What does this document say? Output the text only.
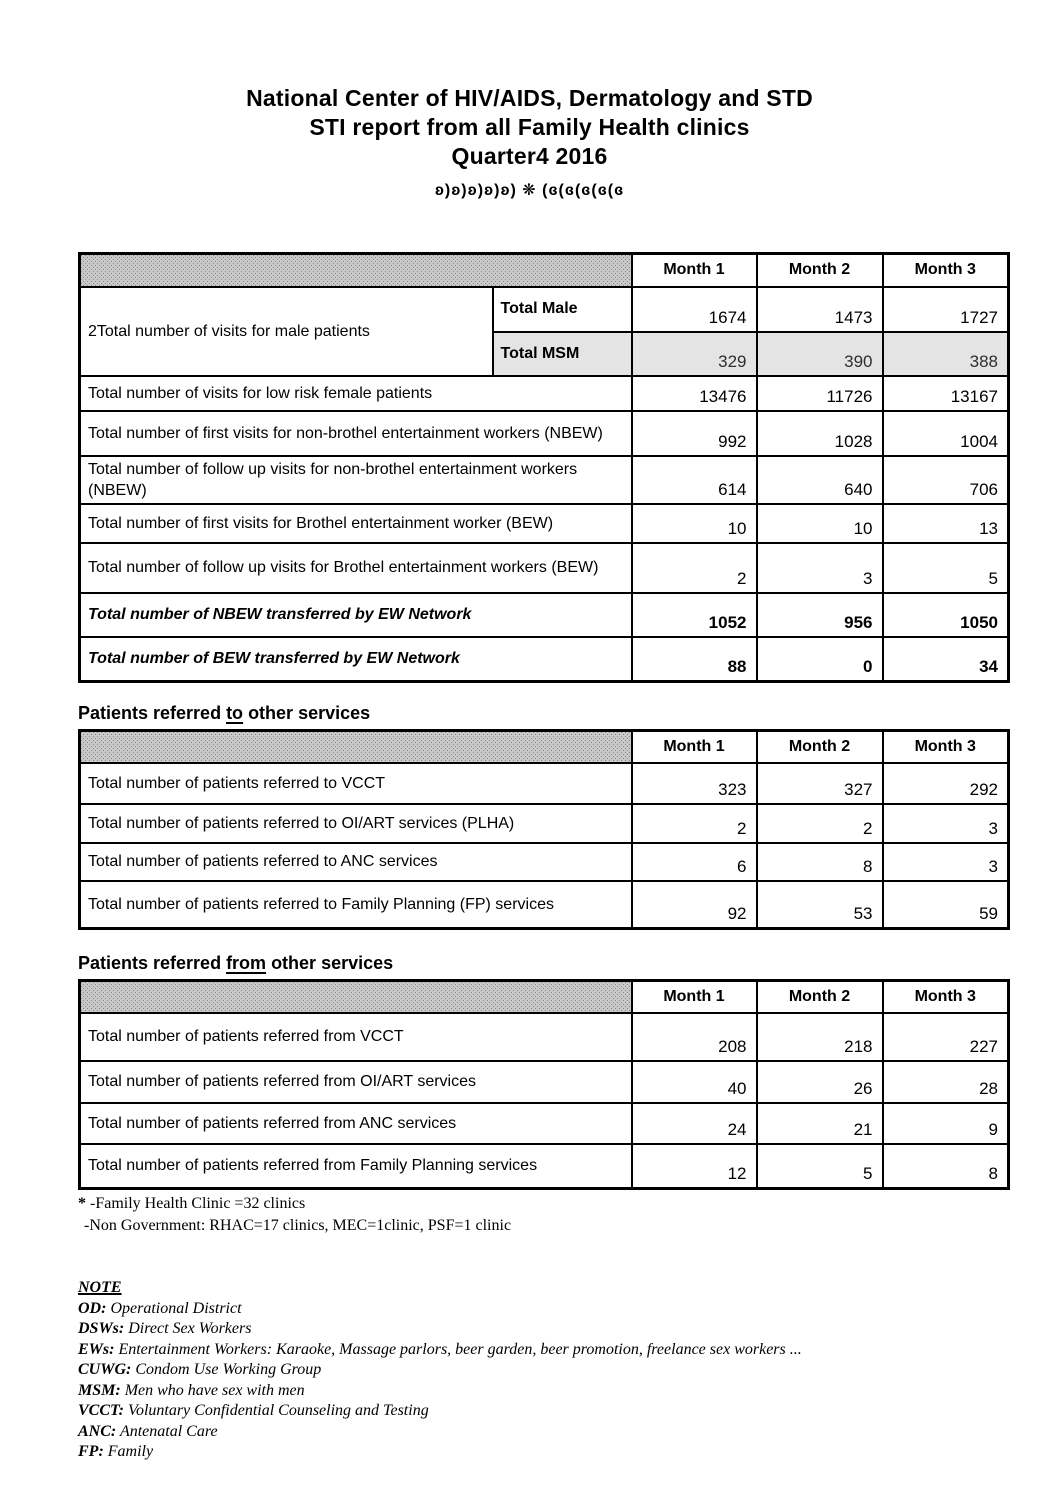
National Center of HIV/AIDS, Dermatology and STD
STI report from all Family Health clinics
Quarter4 2016
ʚ)ʚ)ʚ)ʚ)ʚ) ❋ (ɞ(ɞ(ɞ(ɞ(ɞ
		Month 1	Month 2	Month 3
2Total number of visits for male patients	Total Male	1674	1473	1727
	Total MSM	329	390	388
Total number of visits for low risk female patients		13476	11726	13167
Total number of first visits for non-brothel entertainment workers (NBEW)		992	1028	1004
Total number of follow up visits for non-brothel entertainment workers (NBEW)		614	640	706
Total number of first visits for Brothel entertainment worker (BEW)		10	10	13
Total number of follow up visits for Brothel entertainment workers (BEW)		2	3	5
Total number of NBEW transferred by EW Network		1052	956	1050
Total number of BEW transferred by EW Network		88	0	34
Patients referred to other services
	Month 1	Month 2	Month 3
Total number of patients referred to VCCT	323	327	292
Total number of patients referred to OI/ART services (PLHA)	2	2	3
Total number of patients referred to ANC services	6	8	3
Total number of patients referred to Family Planning (FP) services	92	53	59
Patients referred from other services
	Month 1	Month 2	Month 3
Total number of patients referred from VCCT	208	218	227
Total number of patients referred from OI/ART services	40	26	28
Total number of patients referred from ANC services	24	21	9
Total number of patients referred from Family Planning services	12	5	8
* -Family Health Clinic =32 clinics
-Non Government: RHAC=17 clinics, MEC=1clinic, PSF=1 clinic
NOTE
OD: Operational District
DSWs: Direct Sex Workers
EWs: Entertainment Workers: Karaoke, Massage parlors, beer garden, beer promotion, freelance sex workers ...
CUWG: Condom Use Working Group
MSM: Men who have sex with men
VCCT: Voluntary Confidential Counseling and Testing
ANC: Antenatal Care
FP: Family
